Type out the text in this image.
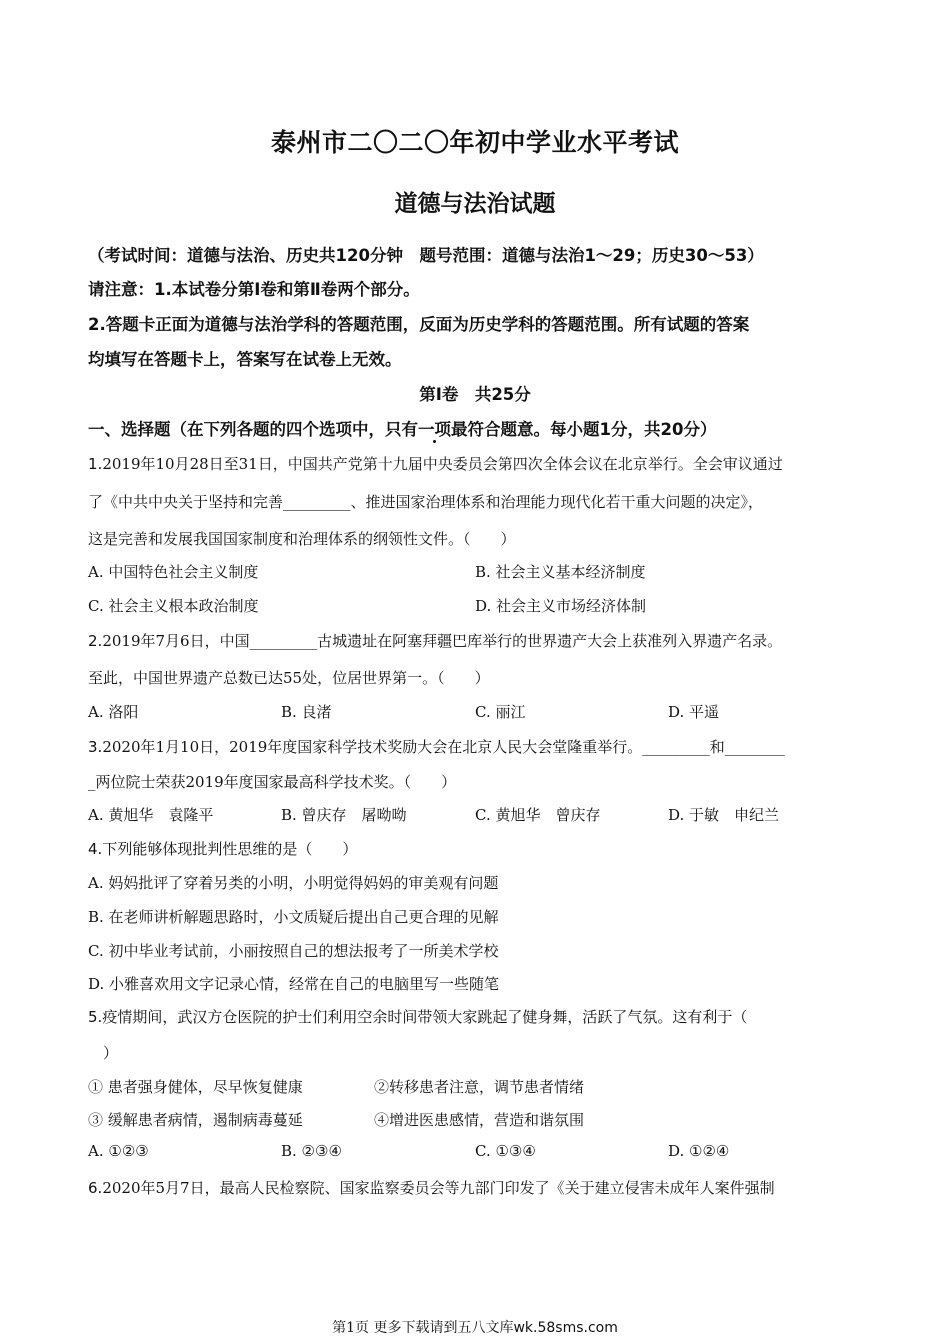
泰州市二〇二〇年初中学业水平考试
道德与法治试题
（考试时间：道德与法治、历史共120分钟　题号范围：道德与法治1～29；历史30～53）
请注意：1.本试卷分第Ⅰ卷和第Ⅱ卷两个部分。
2.答题卡正面为道德与法治学科的答题范围，反面为历史学科的答题范围。所有试题的答案
均填写在答题卡上，答案写在试卷上无效。
第Ⅰ卷　共25分
一、选择题（在下列各题的四个选项中，只有一项最符合题意。每小题1分，共20分）
1.2019年10月28日至31日，中国共产党第十九届中央委员会第四次全体会议在北京举行。全会审议通过
了《中共中央关于坚持和完善_________、推进国家治理体系和治理能力现代化若干重大问题的决定》，
这是完善和发展我国国家制度和治理体系的纲领性文件。（　　）
A. 中国特色社会主义制度	B. 社会主义基本经济制度
C. 社会主义根本政治制度	D. 社会主义市场经济体制
2.2019年7月6日，中国_________古城遗址在阿塞拜疆巴库举行的世界遗产大会上获准列入界遗产名录。
至此，中国世界遗产总数已达55处，位居世界第一。（　　）
A. 洛阳	B. 良渚	C. 丽江	D. 平遥
3.2020年1月10日，2019年度国家科学技术奖励大会在北京人民大会堂隆重举行。_________和________
_两位院士荣获2019年度国家最高科学技术奖。（　　）
A. 黄旭华　袁隆平	B. 曾庆存　屠呦呦	C. 黄旭华　曾庆存	D. 于敏　申纪兰
4.下列能够体现批判性思维的是（　　）
A. 妈妈批评了穿着另类的小明，小明觉得妈妈的审美观有问题
B. 在老师讲析解题思路时，小文质疑后提出自己更合理的见解
C. 初中毕业考试前，小丽按照自己的想法报考了一所美术学校
D. 小雅喜欢用文字记录心情，经常在自己的电脑里写一些随笔
5.疫情期间，武汉方仓医院的护士们利用空余时间带领大家跳起了健身舞，活跃了气氛。这有利于（
　）
① 患者强身健体，尽早恢复健康	②转移患者注意，调节患者情绪
③ 缓解患者病情，遏制病毒蔓延	④增进医患感情，营造和谐氛围
A. ①②③	B. ②③④	C. ①③④	D. ①②④
6.2020年5月7日，最高人民检察院、国家监察委员会等九部门印发了《关于建立侵害未成年人案件强制
第1页 更多下载请到五八文库wk.58sms.com
